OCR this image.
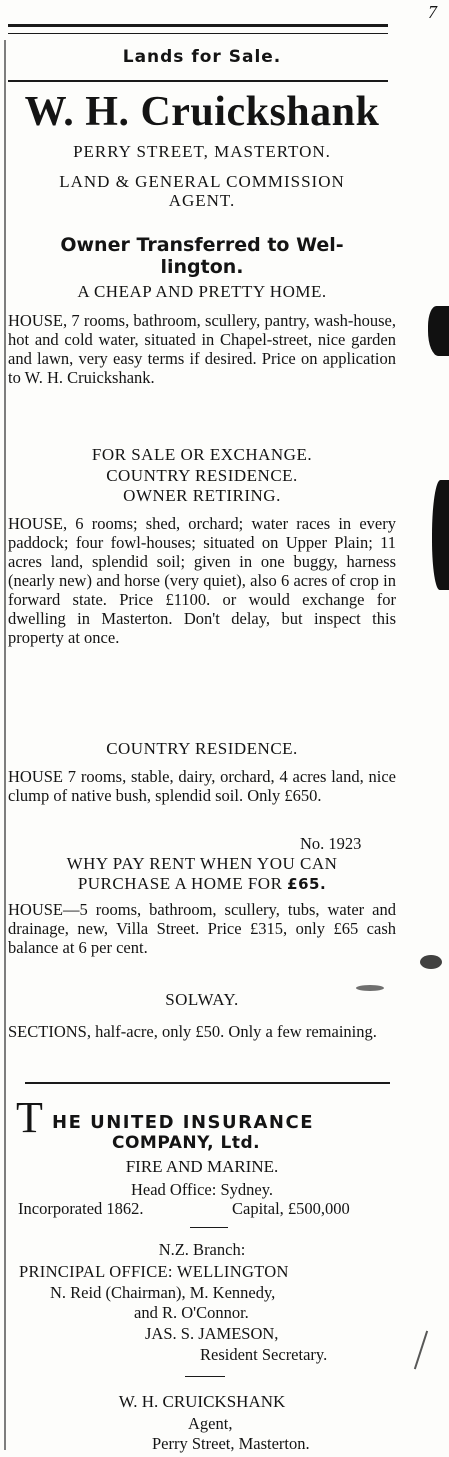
7
Lands for Sale.
W. H. Cruickshank
PERRY STREET, MASTERTON.
LAND & GENERAL COMMISSION
AGENT.
Owner Transferred to Wel-
lington.
A CHEAP AND PRETTY HOME.
HOUSE, 7 rooms, bathroom, scullery, pantry, wash-house, hot and cold water, situated in Chapel-street, nice garden and lawn, very easy terms if desired. Price on application to W. H. Cruickshank.
FOR SALE OR EXCHANGE.
COUNTRY RESIDENCE.
OWNER RETIRING.
HOUSE, 6 rooms; shed, orchard; water races in every paddock; four fowl-houses; situated on Upper Plain; 11 acres land, splendid soil; given in one buggy, harness (nearly new) and horse (very quiet), also 6 acres of crop in forward state. Price £1100. or would exchange for dwelling in Masterton. Don't delay, but inspect this property at once.
COUNTRY RESIDENCE.
HOUSE 7 rooms, stable, dairy, orchard, 4 acres land, nice clump of native bush, splendid soil. Only £650.
No. 1923
WHY PAY RENT WHEN YOU CAN
PURCHASE A HOME FOR £65.
HOUSE—5 rooms, bathroom, scullery, tubs, water and drainage, new, Villa Street. Price £315, only £65 cash balance at 6 per cent.
SOLWAY.
SECTIONS, half-acre, only £50. Only a few remaining.
T HE UNITED INSURANCE
COMPANY, Ltd.
FIRE AND MARINE.
Head Office: Sydney.
Incorporated 1862.	Capital, £500,000
N.Z. Branch:
PRINCIPAL OFFICE: WELLINGTON
N. Reid (Chairman), M. Kennedy,
and R. O'Connor.
JAS. S. JAMESON,
Resident Secretary.
W. H. CRUICKSHANK
Agent,
Perry Street, Masterton.
